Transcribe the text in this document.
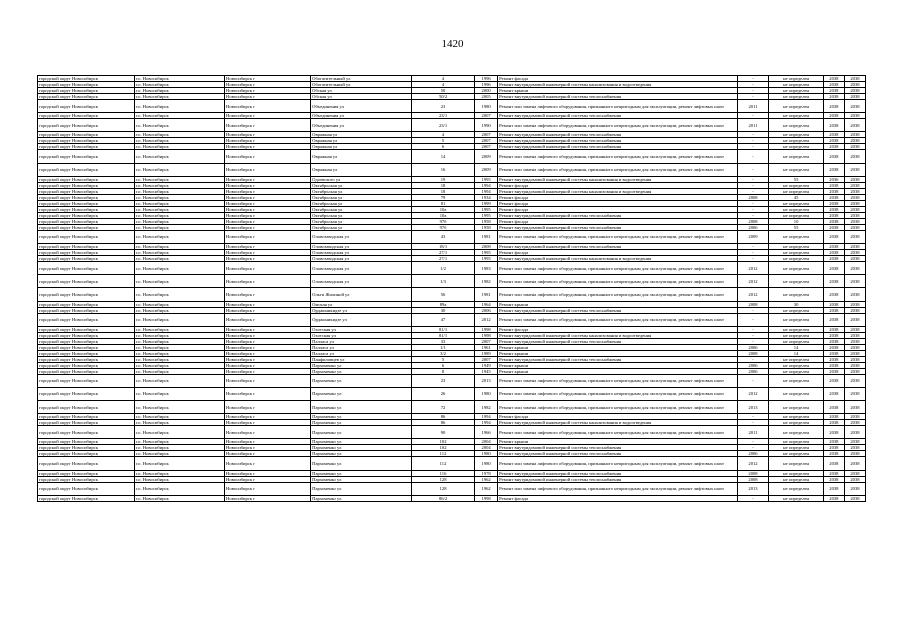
1420
городской округ Новосибирск	г.о. Новосибирск	Новосибирск г	Обогатительный ул	4	1996	Ремонт фасада	-	не определен	2038	2038
городской округ Новосибирск	г.о. Новосибирск	Новосибирск г	Обогатительный ул	4	1996	Ремонт внутридомовой инженерной системы канализования и водоотведения	-	не определен	2038	2038
городской округ Новосибирск	г.о. Новосибирск	Новосибирск г	Обская ул	50	2000	Ремонт крыши	-	не определен	2038	2038
городской округ Новосибирск	г.о. Новосибирск	Новосибирск г	Обская ул	50/2	2005	Ремонт внутридомовой инженерной системы теплоснабжения	-	не определен	2038	2038
городской округ Новосибирск	г.о. Новосибирск	Новосибирск г	Объединения ул	23	1980	Ремонт или замена лифтового оборудования, признанного непригодным для эксплуатации, ремонт лифтовых шахт	2011	не определен	2038	2038
городской округ Новосибирск	г.о. Новосибирск	Новосибирск г	Объединения ул	23/1	2007	Ремонт внутридомовой инженерной системы теплоснабжения	-	не определен	2038	2038
городской округ Новосибирск	г.о. Новосибирск	Новосибирск г	Объединения ул	23/1	1990	Ремонт или замена лифтового оборудования, признанного непригодным для эксплуатации, ремонт лифтовых шахт	2011	не определен	2038	2038
городской округ Новосибирск	г.о. Новосибирск	Новосибирск г	Овражная ул	4	2007	Ремонт внутридомовой инженерной системы теплоснабжения	-	не определен	2038	2038
городской округ Новосибирск	г.о. Новосибирск	Новосибирск г	Овражная ул	5	2007	Ремонт внутридомовой инженерной системы теплоснабжения	-	не определен	2038	2038
городской округ Новосибирск	г.о. Новосибирск	Новосибирск г	Овражная ул	6	2007	Ремонт внутридомовой инженерной системы теплоснабжения	-	не определен	2038	2038
городской округ Новосибирск	г.о. Новосибирск	Новосибирск г	Овражная ул	14	2009	Ремонт или замена лифтового оборудования, признанного непригодным для эксплуатации, ремонт лифтовых шахт	-	не определен	2038	2038
городской округ Новосибирск	г.о. Новосибирск	Новосибирск г	Овражная ул	16	2009	Ремонт или замена лифтового оборудования, признанного непригодным для эксплуатации, ремонт лифтовых шахт	-	не определен	2038	2038
городской округ Новосибирск	г.о. Новосибирск	Новосибирск г	Одоевского ул	19	1995	Ремонт внутридомовой инженерной системы канализования и водоотведения	-	55	2036	2038
городской округ Новосибирск	г.о. Новосибирск	Новосибирск г	Октябрьская ул	18	1994	Ремонт фасада	-	не определен	2038	2038
городской округ Новосибирск	г.о. Новосибирск	Новосибирск г	Октябрьская ул	18	1994	Ремонт внутридомовой инженерной системы канализования и водоотведения	-	не определен	2038	2038
городской округ Новосибирск	г.о. Новосибирск	Новосибирск г	Октябрьская ул	79	1934	Ремонт фасада	2008	45	2038	2038
городской округ Новосибирск	г.о. Новосибирск	Новосибирск г	Октябрьская ул	81	1999	Ремонт фасада	-	не определен	2038	2038
городской округ Новосибирск	г.о. Новосибирск	Новосибирск г	Октябрьская ул	10а	1995	Ремонт фасада	-	не определен	2038	2038
городской округ Новосибирск	г.о. Новосибирск	Новосибирск г	Октябрьская ул	10а	1995	Ремонт внутридомовой инженерной системы теплоснабжения	-	не определен	2038	2038
городской округ Новосибирск	г.о. Новосибирск	Новосибирск г	Октябрьская ул	97б	1958	Ремонт фасада	2008	10	2038	2038
городской округ Новосибирск	г.о. Новосибирск	Новосибирск г	Октябрьская ул	97б	1958	Ремонт внутридомовой инженерной системы теплоснабжения	2006	55	2038	2038
городской округ Новосибирск	г.о. Новосибирск	Новосибирск г	Оловозаводская ул	43	1981	Ремонт или замена лифтового оборудования, признанного непригодным для эксплуатации, ремонт лифтовых шахт	2009	не определен	2038	2038
городской округ Новосибирск	г.о. Новосибирск	Новосибирск г	Оловозаводская ул	18/1	2008	Ремонт внутридомовой инженерной системы теплоснабжения	-	не определен	2038	2038
городской округ Новосибирск	г.о. Новосибирск	Новосибирск г	Оловозаводская ул	27/1	1995	Ремонт фасада	-	не определен	2038	2038
городской округ Новосибирск	г.о. Новосибирск	Новосибирск г	Оловозаводская ул	27/1	1995	Ремонт внутридомовой инженерной системы канализования и водоотведения	-	не определен	2038	2038
городской округ Новосибирск	г.о. Новосибирск	Новосибирск г	Оловозаводская ул	1/2	1983	Ремонт или замена лифтового оборудования, признанного непригодным для эксплуатации, ремонт лифтовых шахт	2012	не определен	2038	2038
городской округ Новосибирск	г.о. Новосибирск	Новосибирск г	Оловозаводская ул	1/3	1982	Ремонт или замена лифтового оборудования, признанного непригодным для эксплуатации, ремонт лифтовых шахт	2012	не определен	2038	2038
городской округ Новосибирск	г.о. Новосибирск	Новосибирск г	Ольги Жилиной ул	56	1981	Ремонт или замена лифтового оборудования, признанного непригодным для эксплуатации, ремонт лифтовых шахт	2012	не определен	2038	2038
городской округ Новосибирск	г.о. Новосибирск	Новосибирск г	Омская ул	89а	1964	Ремонт крыши	2008	30	2038	2038
городской округ Новосибирск	г.о. Новосибирск	Новосибирск г	Орджоникидзе ул	30	2006	Ремонт внутридомовой инженерной системы теплоснабжения	-	не определен	2038	2038
городской округ Новосибирск	г.о. Новосибирск	Новосибирск г	Орджоникидзе ул	47	2012	Ремонт или замена лифтового оборудования, признанного непригодным для эксплуатации, ремонт лифтовых шахт	-	не определен	2038	2038
городской округ Новосибирск	г.о. Новосибирск	Новосибирск г	Охотская ул	81/1	1998	Ремонт фасада	-	не определен	2038	2038
городской округ Новосибирск	г.о. Новосибирск	Новосибирск г	Охотская ул	81/1	1998	Ремонт внутридомовой инженерной системы канализования и водоотведения	-	не определен	2038	2038
городской округ Новосибирск	г.о. Новосибирск	Новосибирск г	Палласа ул	33	2007	Ремонт внутридомовой инженерной системы теплоснабжения	-	не определен	2038	2038
городской округ Новосибирск	г.о. Новосибирск	Новосибирск г	Палласа ул	1/1	1961	Ремонт крыши	2006	14	2038	2038
городской округ Новосибирск	г.о. Новосибирск	Новосибирск г	Палласа ул	3/2	1989	Ремонт крыши	2008	14	2038	2038
городской округ Новосибирск	г.о. Новосибирск	Новосибирск г	Панфиловцев ул	5	2007	Ремонт внутридомовой инженерной системы теплоснабжения	-	не определен	2038	2038
городской округ Новосибирск	г.о. Новосибирск	Новосибирск г	Пархоменко ул	6	1949	Ремонт крыши	2006	не определен	2038	2038
городской округ Новосибирск	г.о. Новосибирск	Новосибирск г	Пархоменко ул	8	1945	Ремонт крыши	2006	не определен	2038	2038
городской округ Новосибирск	г.о. Новосибирск	Новосибирск г	Пархоменко ул	23	2013	Ремонт или замена лифтового оборудования, признанного непригодным для эксплуатации, ремонт лифтовых шахт	-	не определен	2038	2038
городской округ Новосибирск	г.о. Новосибирск	Новосибирск г	Пархоменко ул	26	1980	Ремонт или замена лифтового оборудования, признанного непригодным для эксплуатации, ремонт лифтовых шахт	2012	не определен	2038	2038
городской округ Новосибирск	г.о. Новосибирск	Новосибирск г	Пархоменко ул	72	1982	Ремонт или замена лифтового оборудования, признанного непригодным для эксплуатации, ремонт лифтовых шахт	2013	не определен	2038	2038
городской округ Новосибирск	г.о. Новосибирск	Новосибирск г	Пархоменко ул	86	1994	Ремонт фасада	-	не определен	2038	2038
городской округ Новосибирск	г.о. Новосибирск	Новосибирск г	Пархоменко ул	86	1994	Ремонт внутридомовой инженерной системы канализования и водоотведения	-	не определен	2038	2038
городской округ Новосибирск	г.о. Новосибирск	Новосибирск г	Пархоменко ул	90	1966	Ремонт или замена лифтового оборудования, признанного непригодным для эксплуатации, ремонт лифтовых шахт	2011	не определен	2038	2038
городской округ Новосибирск	г.о. Новосибирск	Новосибирск г	Пархоменко ул	102	2004	Ремонт крыши	-	не определен	2038	2038
городской округ Новосибирск	г.о. Новосибирск	Новосибирск г	Пархоменко ул	102	2004	Ремонт внутридомовой инженерной системы теплоснабжения	-	не определен	2038	2038
городской округ Новосибирск	г.о. Новосибирск	Новосибирск г	Пархоменко ул	112	1980	Ремонт внутридомовой инженерной системы теплоснабжения	2006	не определен	2038	2038
городской округ Новосибирск	г.о. Новосибирск	Новосибирск г	Пархоменко ул	112	1980	Ремонт или замена лифтового оборудования, признанного непригодным для эксплуатации, ремонт лифтовых шахт	2012	не определен	2038	2038
городской округ Новосибирск	г.о. Новосибирск	Новосибирск г	Пархоменко ул	116	1978	Ремонт внутридомовой инженерной системы теплоснабжения	2008	не определен	2038	2038
городской округ Новосибирск	г.о. Новосибирск	Новосибирск г	Пархоменко ул	128	1962	Ремонт внутридомовой инженерной системы теплоснабжения	2008	не определен	2038	2038
городской округ Новосибирск	г.о. Новосибирск	Новосибирск г	Пархоменко ул	128	1962	Ремонт или замена лифтового оборудования, признанного непригодным для эксплуатации, ремонт лифтовых шахт	2013	не определен	2038	2038
городской округ Новосибирск	г.о. Новосибирск	Новосибирск г	Пархоменко ул	86/2	1998	Ремонт фасада	-	не определен	2038	2038
